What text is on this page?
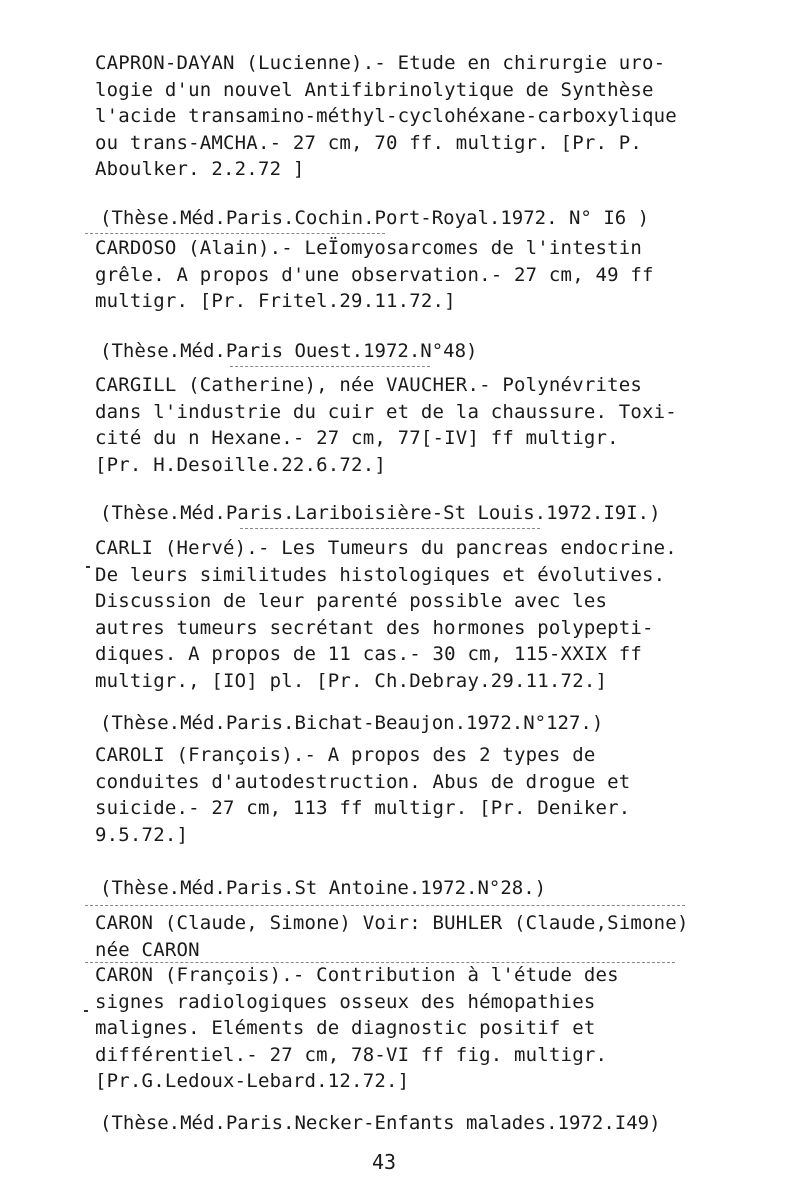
CAPRON-DAYAN (Lucienne).- Etude en chirurgie uro-
logie d'un nouvel Antifibrinolytique de Synthèse
l'acide transamino-méthyl-cyclohéxane-carboxylique
ou trans-AMCHA.- 27 cm, 70 ff. multigr. [Pr. P.
Aboulker. 2.2.72 ]
(Thèse.Méd.Paris.Cochin.Port-Royal.1972. N° I6 )
CARDOSO (Alain).- LeÏomyosarcomes de l'intestin
grêle. A propos d'une observation.- 27 cm, 49 ff
multigr. [Pr. Fritel.29.11.72.]
(Thèse.Méd.Paris Ouest.1972.N°48)
CARGILL (Catherine), née VAUCHER.- Polynévrites
dans l'industrie du cuir et de la chaussure. Toxi-
cité du n Hexane.- 27 cm, 77[-IV] ff multigr.
[Pr. H.Desoille.22.6.72.]
(Thèse.Méd.Paris.Lariboisière-St Louis.1972.I9I.)
CARLI (Hervé).- Les Tumeurs du pancreas endocrine.
De leurs similitudes histologiques et évolutives.
Discussion de leur parenté possible avec les
autres tumeurs secrétant des hormones polypepti-
diques. A propos de 11 cas.- 30 cm, 115-XXIX ff
multigr., [IO] pl. [Pr. Ch.Debray.29.11.72.]
(Thèse.Méd.Paris.Bichat-Beaujon.1972.N°127.)
CAROLI (François).- A propos des 2 types de
conduites d'autodestruction. Abus de drogue et
suicide.- 27 cm, 113 ff multigr. [Pr. Deniker.
9.5.72.]
(Thèse.Méd.Paris.St Antoine.1972.N°28.)
CARON (Claude, Simone) Voir: BUHLER (Claude,Simone)
née CARON
CARON (François).- Contribution à l'étude des
signes radiologiques osseux des hémopathies
malignes. Eléments de diagnostic positif et
différentiel.- 27 cm, 78-VI ff fig. multigr.
[Pr.G.Ledoux-Lebard.12.72.]
(Thèse.Méd.Paris.Necker-Enfants malades.1972.I49)
43
